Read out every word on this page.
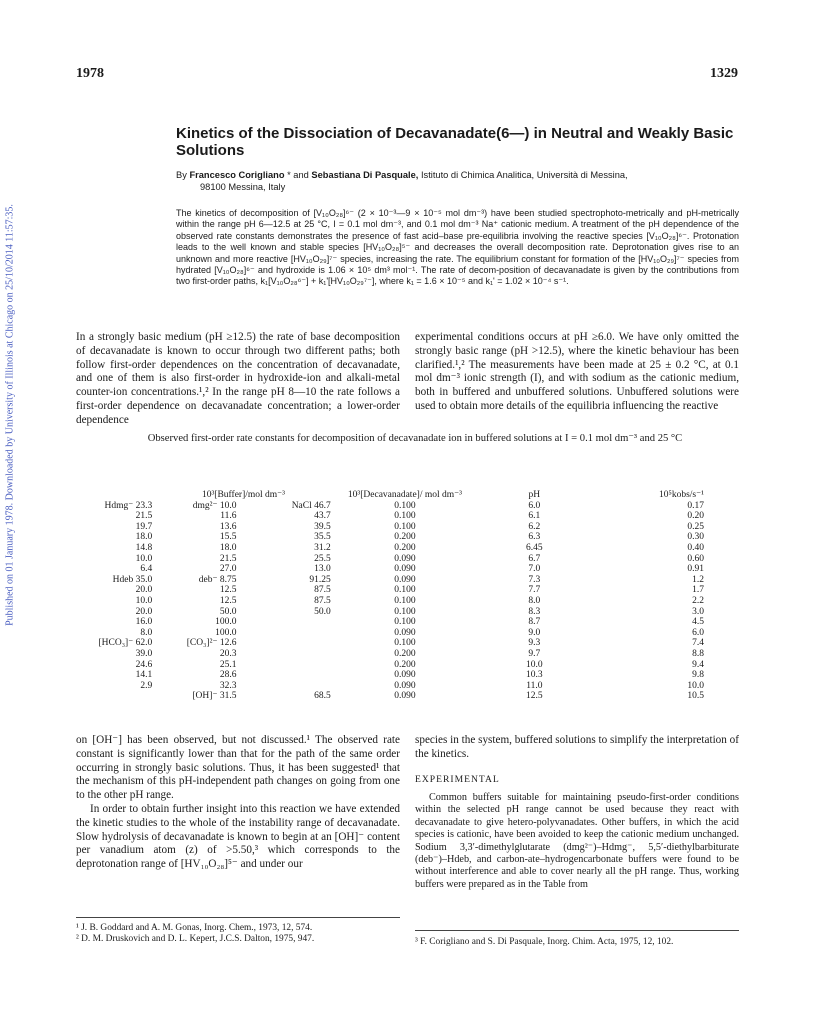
1978	1329
Published on 01 January 1978. Downloaded by University of Illinois at Chicago on 25/10/2014 11:57:35.
Kinetics of the Dissociation of Decavanadate(6—) in Neutral and Weakly Basic Solutions
By Francesco Corigliano * and Sebastiana Di Pasquale, Istituto di Chimica Analitica, Università di Messina,
98100 Messina, Italy
The kinetics of decomposition of [V₁₀O₂₈]⁶⁻ (2 × 10⁻³—9 × 10⁻⁵ mol dm⁻³) have been studied spectrophoto-metrically and pH-metrically within the range pH 6—12.5 at 25 °C, I = 0.1 mol dm⁻³, and 0.1 mol dm⁻³ Na⁺ cationic medium. A treatment of the pH dependence of the observed rate constants demonstrates the presence of fast acid–base pre-equilibria involving the reactive species [V₁₀O₂₈]⁶⁻. Protonation leads to the well known and stable species [HV₁₀O₂₈]⁵⁻ and decreases the overall decomposition rate. Deprotonation gives rise to an unknown and more reactive [HV₁₀O₂₉]⁷⁻ species, increasing the rate. The equilibrium constant for formation of the [HV₁₀O₂₉]⁷⁻ species from hydrated [V₁₀O₂₈]⁶⁻ and hydroxide is 1.06 × 10⁵ dm³ mol⁻¹. The rate of decom-position of decavanadate is given by the contributions from two first-order paths, k₁[V₁₀O₂₈⁶⁻] + k₁'[HV₁₀O₂₉⁷⁻], where k₁ = 1.6 × 10⁻⁵ and k₁' = 1.02 × 10⁻⁴ s⁻¹.

In a strongly basic medium (pH ≥12.5) the rate of base decomposition of decavanadate is known to occur through two different paths; both follow first-order dependences on the concentration of decavanadate, and one of them is also first-order in hydroxide-ion and alkali-metal counter-ion concentrations.¹,² In the range pH 8—10 the rate follows a first-order dependence on decavanadate concentration; a lower-order dependence

experimental conditions occurs at pH ≥6.0. We have only omitted the strongly basic range (pH >12.5), where the kinetic behaviour has been clarified.¹,² The measurements have been made at 25 ± 0.2 °C, at 0.1 mol dm⁻³ ionic strength (I), and with sodium as the cationic medium, both in buffered and unbuffered solutions. Unbuffered solutions were used to obtain more details of the equilibria influencing the reactive

Observed first-order rate constants for decomposition of decavanadate ion in buffered solutions at I = 0.1 mol dm⁻³ and 25 °C
	10³[Buffer]/mol dm⁻³		10³[Decavanadate]/ mol dm⁻³	pH	10⁵kobs/s⁻¹
Hdmg⁻ 23.3	dmg²⁻ 10.0	NaCl 46.7	0.100	6.0	0.17
21.5	11.6	43.7	0.100	6.1	0.20
19.7	13.6	39.5	0.100	6.2	0.25
18.0	15.5	35.5	0.200	6.3	0.30
14.8	18.0	31.2	0.200	6.45	0.40
10.0	21.5	25.5	0.090	6.7	0.60
6.4	27.0	13.0	0.090	7.0	0.91
Hdeb 35.0	deb⁻ 8.75	91.25	0.090	7.3	1.2
20.0	12.5	87.5	0.100	7.7	1.7
10.0	12.5	87.5	0.100	8.0	2.2
20.0	50.0	50.0	0.100	8.3	3.0
16.0	100.0		0.100	8.7	4.5
8.0	100.0		0.090	9.0	6.0
[HCO₃]⁻ 62.0	[CO₃]²⁻ 12.6		0.100	9.3	7.4
39.0	20.3		0.200	9.7	8.8
24.6	25.1		0.200	10.0	9.4
14.1	28.6		0.090	10.3	9.8
2.9	32.3		0.090	11.0	10.0
	[OH]⁻ 31.5	68.5	0.090	12.5	10.5

on [OH⁻] has been observed, but not discussed.¹ The observed rate constant is significantly lower than that for the path of the same order occurring in strongly basic solutions. Thus, it has been suggested¹ that the mechanism of this pH-independent path changes on going from one to the other pH range.

In order to obtain further insight into this reaction we have extended the kinetic studies to the whole of the instability range of decavanadate. Slow hydrolysis of decavanadate is known to begin at an [OH]⁻ content per vanadium atom (z) of >5.50,³ which corresponds to the deprotonation range of [HV₁₀O₂₈]⁵⁻ and under our

species in the system, buffered solutions to simplify the interpretation of the kinetics.

EXPERIMENTAL

Common buffers suitable for maintaining pseudo-first-order conditions within the selected pH range cannot be used because they react with decavanadate to give hetero-polyvanadates. Other buffers, in which the acid species is cationic, have been avoided to keep the cationic medium unchanged. Sodium 3,3′-dimethylglutarate (dmg²⁻)–Hdmg⁻, 5,5′-diethylbarbiturate (deb⁻)–Hdeb, and carbon-ate–hydrogencarbonate buffers were found to be without interference and able to cover nearly all the pH range. Thus, working buffers were prepared as in the Table from

¹ J. B. Goddard and A. M. Gonas, Inorg. Chem., 1973, 12, 574.

² D. M. Druskovich and D. L. Kepert, J.C.S. Dalton, 1975, 947.	³ F. Corigliano and S. Di Pasquale, Inorg. Chim. Acta, 1975, 12, 102.
